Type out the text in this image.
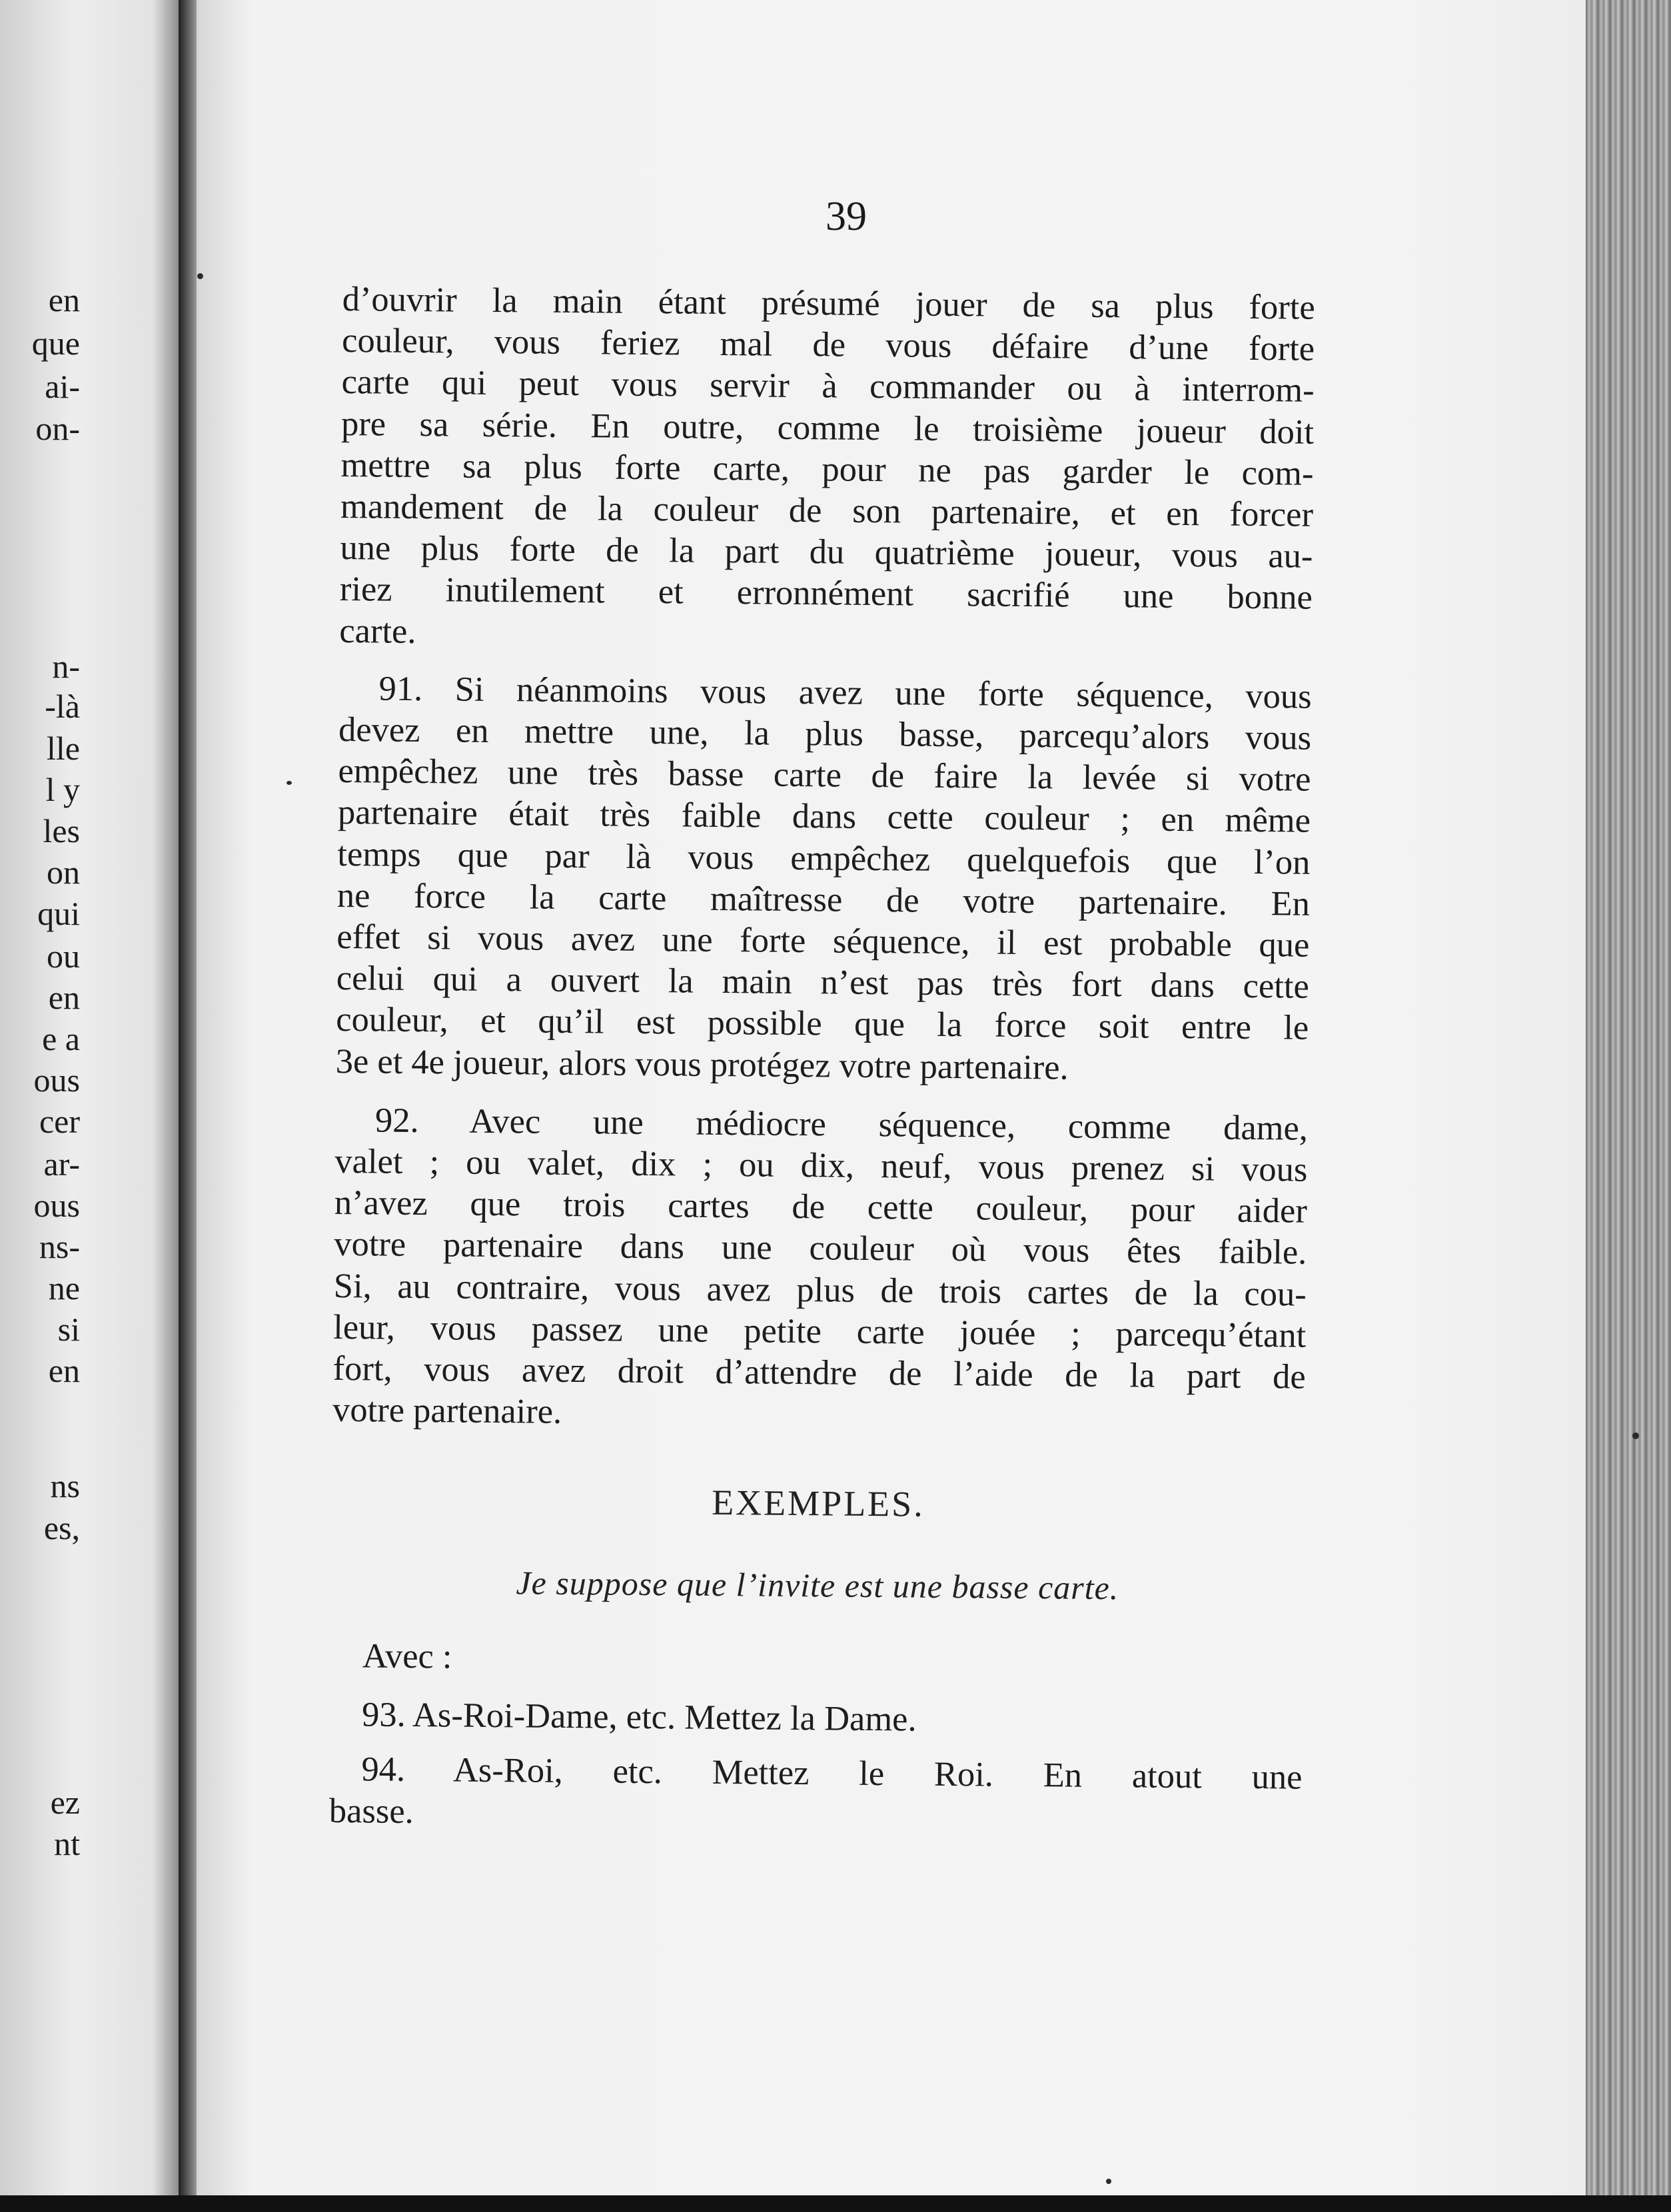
en
que
ai-
on-
n-
-là
lle
l y
les
on
qui
ou
en
e a
ous
cer
ar-
ous
ns-
ne
si
en
ns
es,
ez
nt
39

d’ouvrir la main étant présumé jouer de sa plus forte

couleur, vous feriez mal de vous défaire d’une forte

carte qui peut vous servir à commander ou à interrom-

pre sa série. En outre, comme le troisième joueur doit

mettre sa plus forte carte, pour ne pas garder le com-

mandement de la couleur de son partenaire, et en forcer

une plus forte de la part du quatrième joueur, vous au-

riez inutilement et erronnément sacrifié une bonne

carte.

91. Si néanmoins vous avez une forte séquence, vous

devez en mettre une, la plus basse, parcequ’alors vous

empêchez une très basse carte de faire la levée si votre

partenaire était très faible dans cette couleur ; en même

temps que par là vous empêchez quelquefois que l’on

ne force la carte maîtresse de votre partenaire. En

effet si vous avez une forte séquence, il est probable que

celui qui a ouvert la main n’est pas très fort dans cette

couleur, et qu’il est possible que la force soit entre le

3e et 4e joueur, alors vous protégez votre partenaire.

92. Avec une médiocre séquence, comme dame,

valet ; ou valet, dix ; ou dix, neuf, vous prenez si vous

n’avez que trois cartes de cette couleur, pour aider

votre partenaire dans une couleur où vous êtes faible.

Si, au contraire, vous avez plus de trois cartes de la cou-

leur, vous passez une petite carte jouée ; parcequ’étant

fort, vous avez droit d’attendre de l’aide de la part de

votre partenaire.

EXEMPLES.
Je suppose que l’invite est une basse carte.
Avec :

93. As-Roi-Dame, etc. Mettez la Dame.

94. As-Roi, etc. Mettez le Roi. En atout une

basse.
